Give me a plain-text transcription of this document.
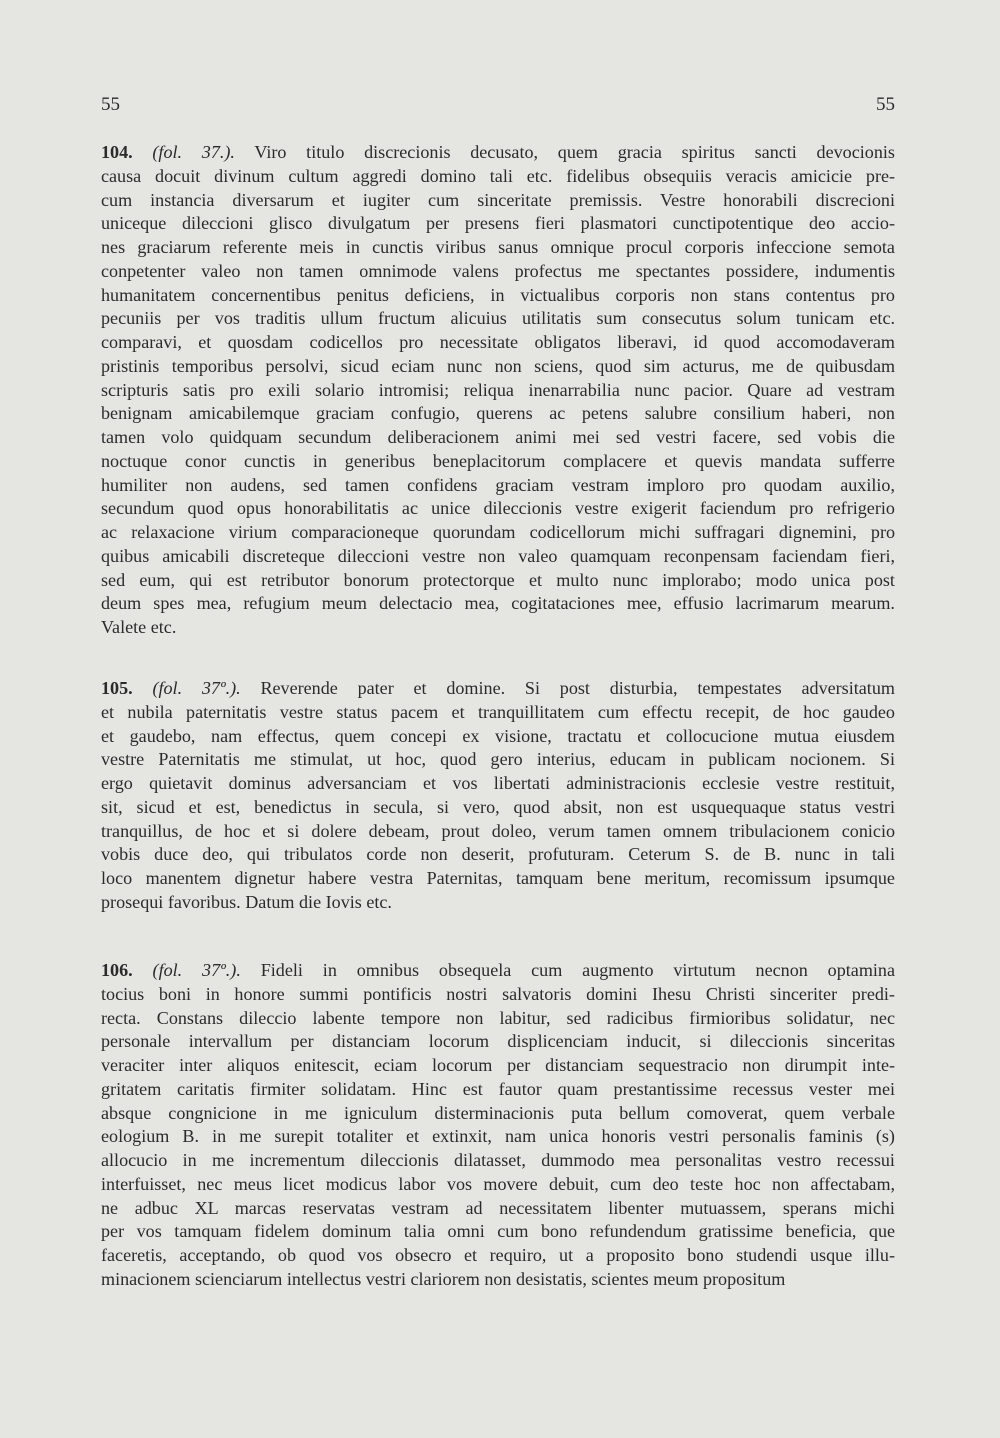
55	55
104. (fol. 37.). Viro titulo discrecionis decusato, quem gracia spiritus sancti devocionis
causa docuit divinum cultum aggredi domino tali etc. fidelibus obsequiis veracis amicicie pre-
cum instancia diversarum et iugiter cum sinceritate premissis. Vestre honorabili discrecioni
uniceque dileccioni glisco divulgatum per presens fieri plasmatori cunctipotentique deo accio-
nes graciarum referente meis in cunctis viribus sanus omnique procul corporis infeccione semota
conpetenter valeo non tamen omnimode valens profectus me spectantes possidere, indumentis
humanitatem concernentibus penitus deficiens, in victualibus corporis non stans contentus pro
pecuniis per vos traditis ullum fructum alicuius utilitatis sum consecutus solum tunicam etc.
comparavi, et quosdam codicellos pro necessitate obligatos liberavi, id quod accomodaveram
pristinis temporibus persolvi, sicud eciam nunc non sciens, quod sim acturus, me de quibusdam
scripturis satis pro exili solario intromisi; reliqua inenarrabilia nunc pacior. Quare ad vestram
benignam amicabilemque graciam confugio, querens ac petens salubre consilium haberi, non
tamen volo quidquam secundum deliberacionem animi mei sed vestri facere, sed vobis die
noctuque conor cunctis in generibus beneplacitorum complacere et quevis mandata sufferre
humiliter non audens, sed tamen confidens graciam vestram imploro pro quodam auxilio,
secundum quod opus honorabilitatis ac unice dileccionis vestre exigerit faciendum pro refrigerio
ac relaxacione virium comparacioneque quorundam codicellorum michi suffragari dignemini, pro
quibus amicabili discreteque dileccioni vestre non valeo quamquam reconpensam faciendam fieri,
sed eum, qui est retributor bonorum protectorque et multo nunc implorabo; modo unica post
deum spes mea, refugium meum delectacio mea, cogitataciones mee, effusio lacrimarum mearum.
Valete etc.
105. (fol. 37º.). Reverende pater et domine. Si post disturbia, tempestates adversitatum
et nubila paternitatis vestre status pacem et tranquillitatem cum effectu recepit, de hoc gaudeo
et gaudebo, nam effectus, quem concepi ex visione, tractatu et collocucione mutua eiusdem
vestre Paternitatis me stimulat, ut hoc, quod gero interius, educam in publicam nocionem. Si
ergo quietavit dominus adversanciam et vos libertati administracionis ecclesie vestre restituit,
sit, sicud et est, benedictus in secula, si vero, quod absit, non est usquequaque status vestri
tranquillus, de hoc et si dolere debeam, prout doleo, verum tamen omnem tribulacionem conicio
vobis duce deo, qui tribulatos corde non deserit, profuturam. Ceterum S. de B. nunc in tali
loco manentem dignetur habere vestra Paternitas, tamquam bene meritum, recomissum ipsumque
prosequi favoribus. Datum die Iovis etc.
106. (fol. 37º.). Fideli in omnibus obsequela cum augmento virtutum necnon optamina
tocius boni in honore summi pontificis nostri salvatoris domini Ihesu Christi sinceriter predi-
recta. Constans dileccio labente tempore non labitur, sed radicibus firmioribus solidatur, nec
personale intervallum per distanciam locorum displicenciam inducit, si dileccionis sinceritas
veraciter inter aliquos enitescit, eciam locorum per distanciam sequestracio non dirumpit inte-
gritatem caritatis firmiter solidatam. Hinc est fautor quam prestantissime recessus vester mei
absque congnicione in me igniculum disterminacionis puta bellum comoverat, quem verbale
eologium B. in me surepit totaliter et extinxit, nam unica honoris vestri personalis faminis (s)
allocucio in me incrementum dileccionis dilatasset, dummodo mea personalitas vestro recessui
interfuisset, nec meus licet modicus labor vos movere debuit, cum deo teste hoc non affectabam,
ne adbuc XL marcas reservatas vestram ad necessitatem libenter mutuassem, sperans michi
per vos tamquam fidelem dominum talia omni cum bono refundendum gratissime beneficia, que
faceretis, acceptando, ob quod vos obsecro et requiro, ut a proposito bono studendi usque illu-
minacionem scienciarum intellectus vestri clariorem non desistatis, scientes meum propositum
